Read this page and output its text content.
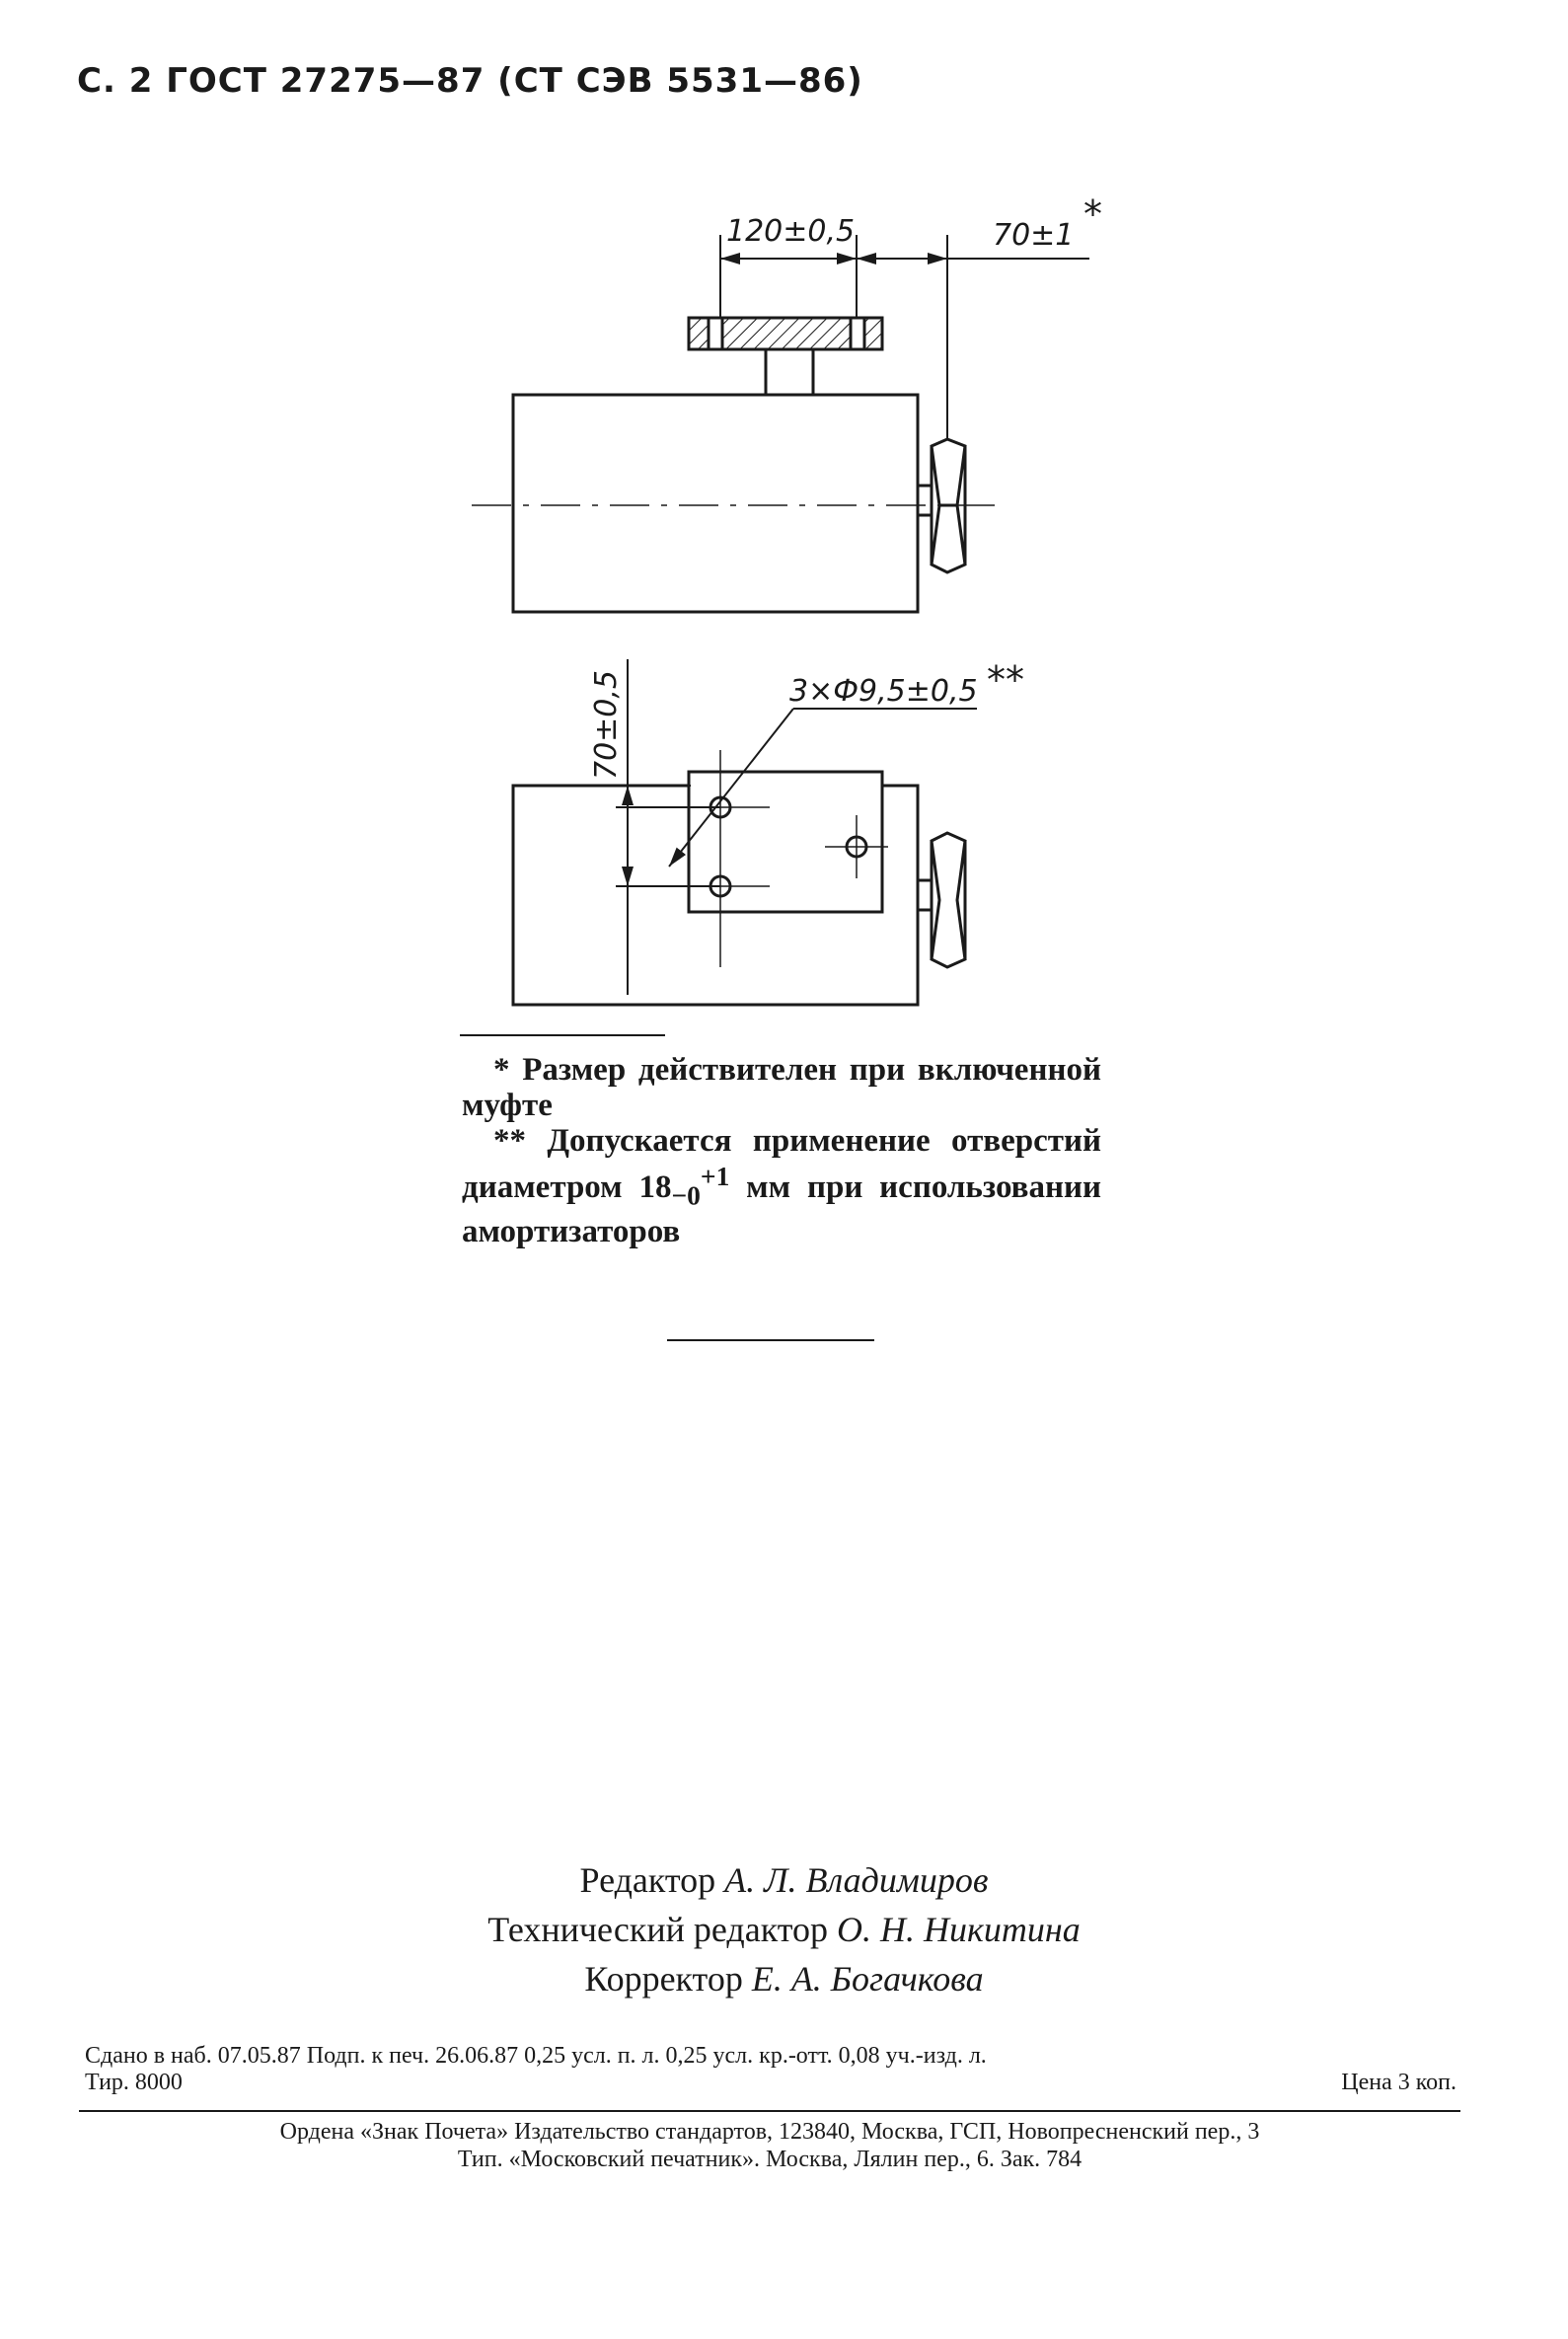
С. 2 ГОСТ 27275—87 (СТ СЭВ 5531—86)
120±0,5	70±1 *
3×Ф9,5±0,5 **
70±0,5

* Размер действителен при включенной муфте

** Допускается применение отверстий диаметром $18_{-0}^{+1}$ мм при использовании амортизаторов

Редактор А. Л. Владимиров
Технический редактор О. Н. Никитина
Корректор Е. А. Богачкова
Сдано в наб. 07.05.87 Подп. к печ. 26.06.87 0,25 усл. п. л. 0,25 усл. кр.-отт. 0,08 уч.-изд. л.
Тир. 8000	Цена 3 коп.
Ордена «Знак Почета» Издательство стандартов, 123840, Москва, ГСП, Новопресненский пер., 3
Тип. «Московский печатник». Москва, Лялин пер., 6. Зак. 784
